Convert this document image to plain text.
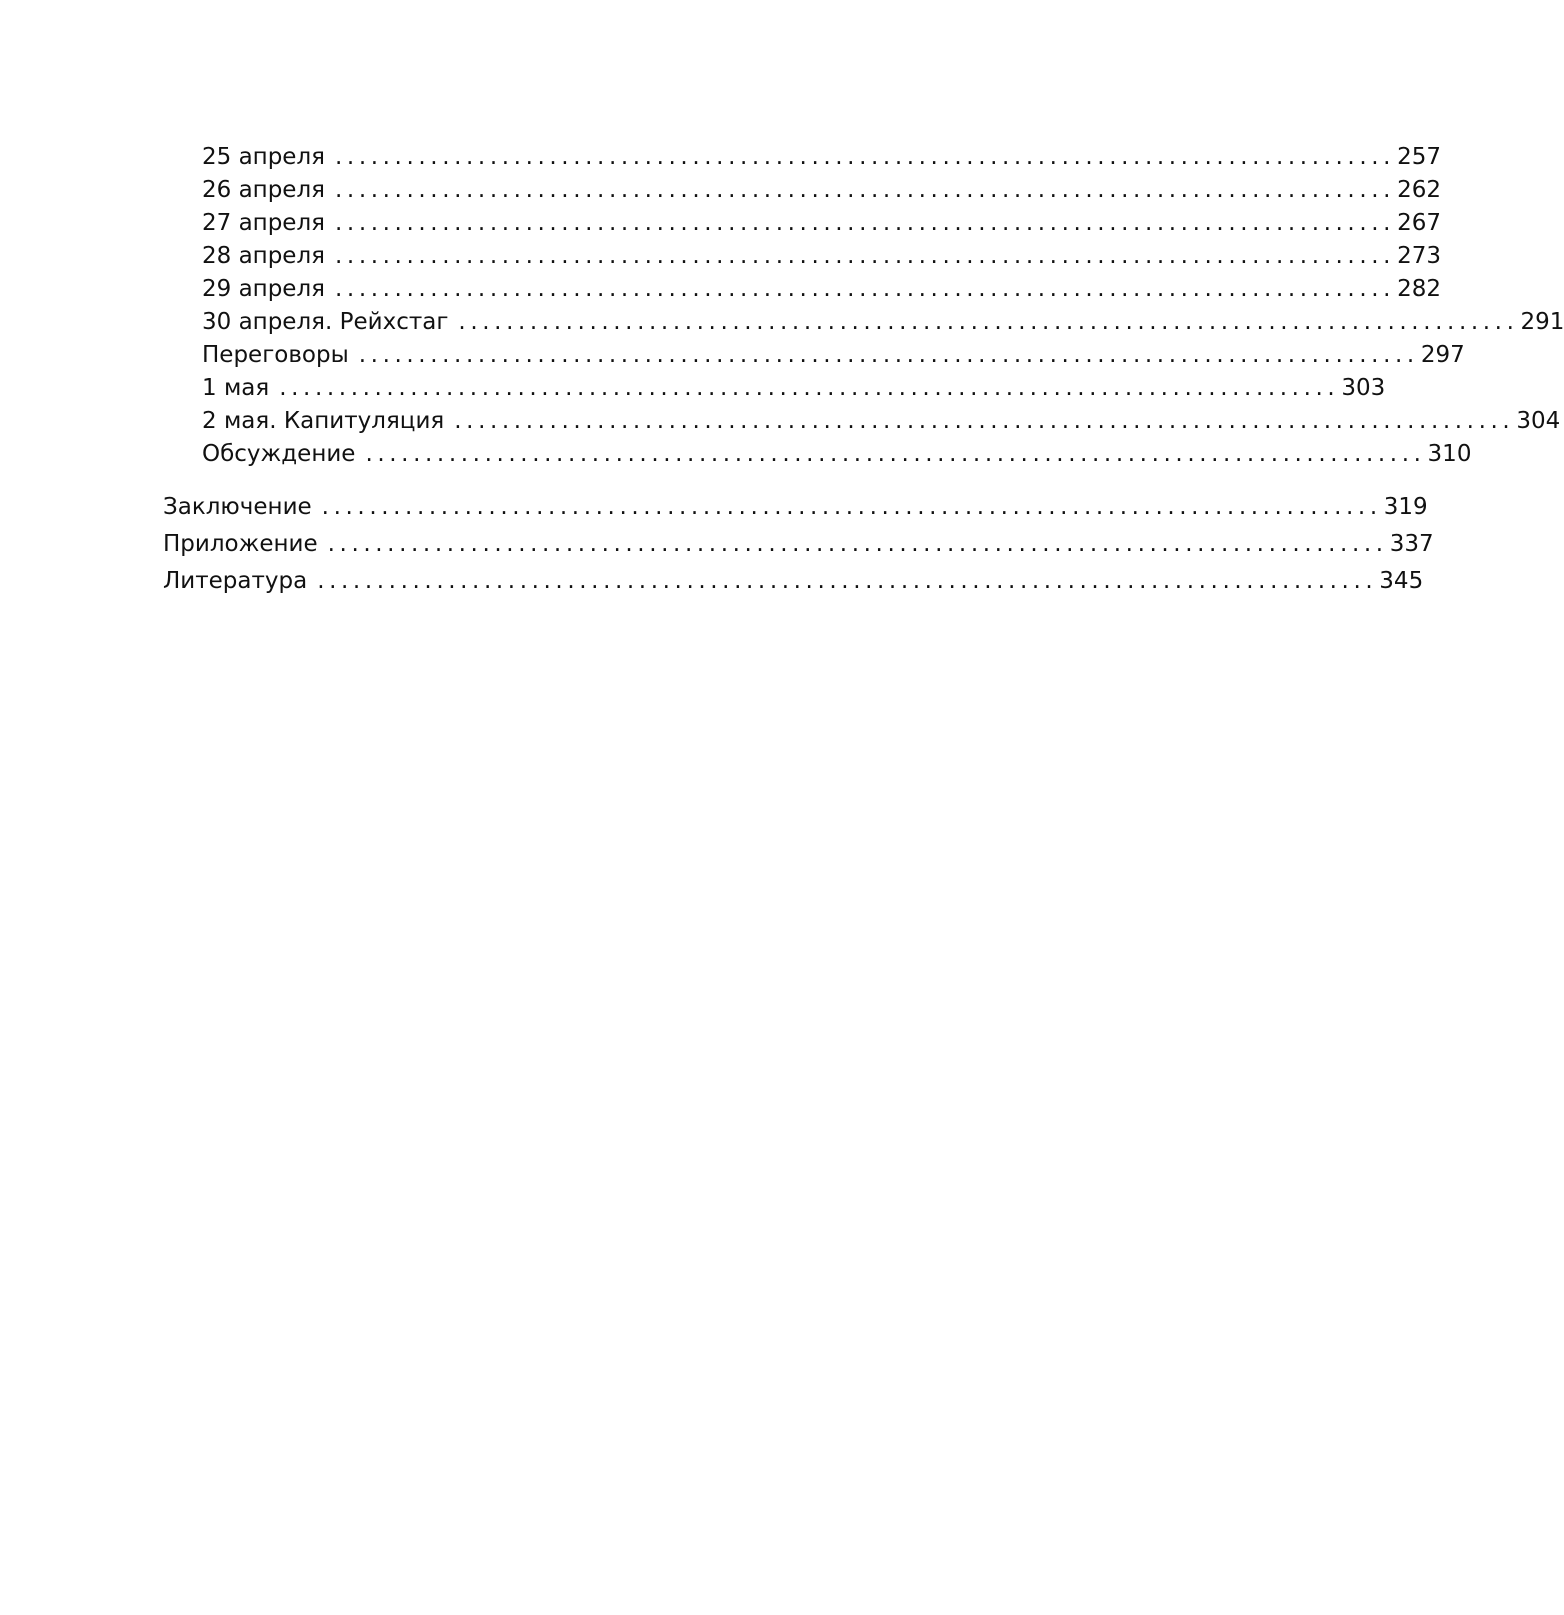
25 апреля ......................................................................................... 257
26 апреля ......................................................................................... 262
27 апреля ......................................................................................... 267
28 апреля ......................................................................................... 273
29 апреля ......................................................................................... 282
30 апреля. Рейхстаг ......................................................................................... 291
Переговоры ......................................................................................... 297
1 мая ......................................................................................... 303
2 мая. Капитуляция ......................................................................................... 304
Обсуждение ......................................................................................... 310
Заключение ......................................................................................... 319
Приложение ......................................................................................... 337
Литература ......................................................................................... 345
